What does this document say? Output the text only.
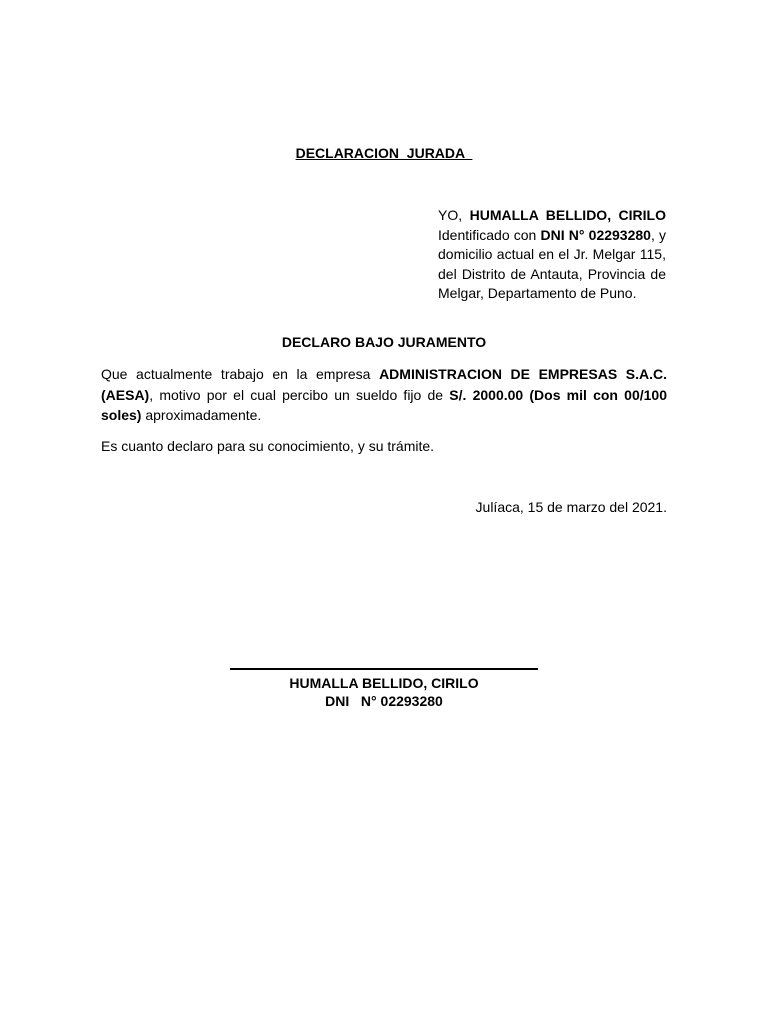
DECLARACION  JURADA

YO, HUMALLA BELLIDO, CIRILO Identificado con DNI N° 02293280, y domicilio actual en el Jr. Melgar 115, del Distrito de Antauta, Provincia de Melgar, Departamento de Puno.

DECLARO BAJO JURAMENTO

Que actualmente trabajo en la empresa ADMINISTRACION DE EMPRESAS S.A.C. (AESA), motivo por el cual percibo un sueldo fijo de S/. 2000.00 (Dos mil con 00/100 soles) aproximadamente.

Es cuanto declaro para su conocimiento, y su trámite.

Julíaca, 15 de marzo del 2021.
HUMALLA BELLIDO, CIRILO
DNI   N° 02293280
